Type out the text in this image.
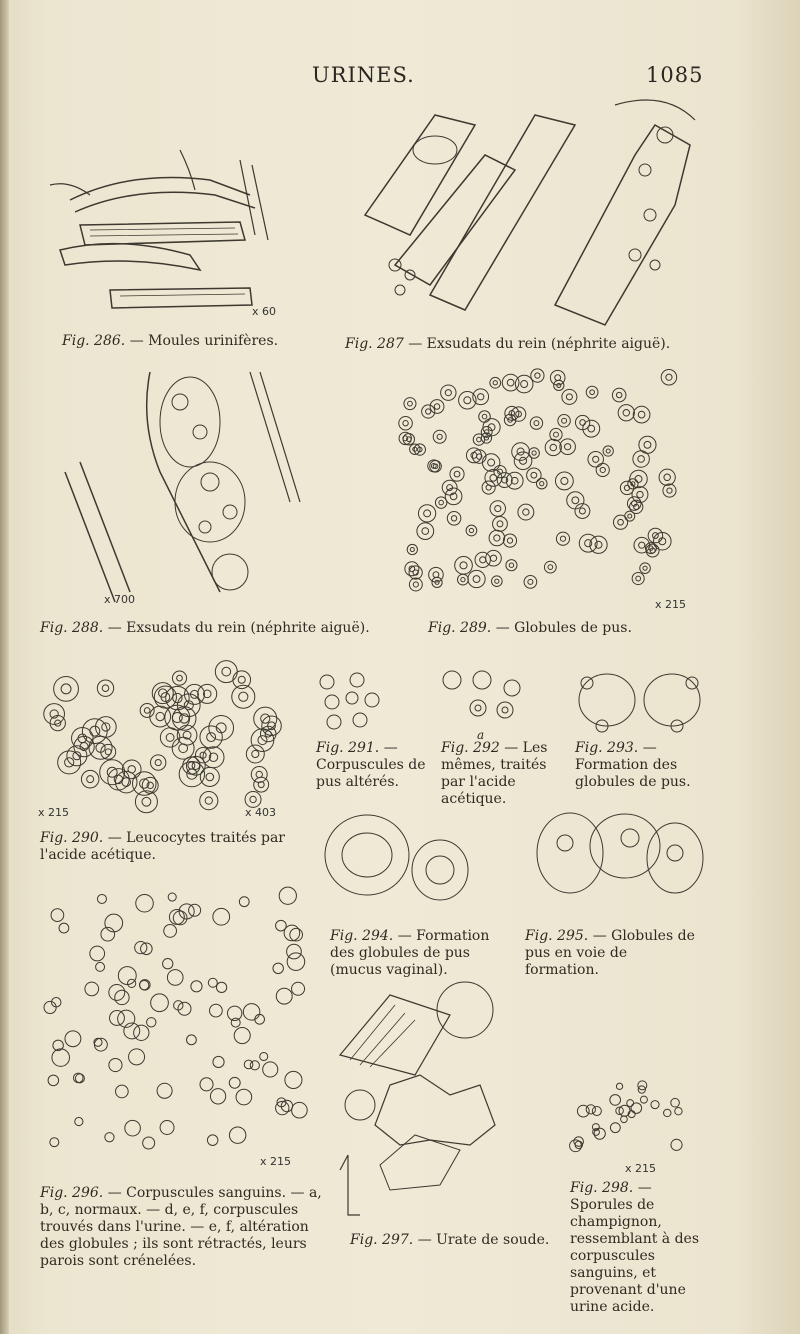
URINES.	1085
x 60
Fig. 286. — Moules urinifères.	Fig. 287 — Exsudats du rein (néphrite aiguë).
x 700
Fig. 288. — Exsudats du rein (néphrite aiguë).
x 215
Fig. 289. — Globules de pus.
x 215	x 403
Fig. 290. — Leucocytes traités par l'acide acétique.
Fig. 291. — Corpuscules de pus altérés.
a
Fig. 292 — Les mêmes, traités par l'acide acétique.
Fig. 293. — Formation des globules de pus.
Fig. 294. — Formation des globules de pus (mucus vaginal).
Fig. 295. — Globules de pus en voie de formation.
x 215
Fig. 296. — Corpuscules sanguins. — a, b, c, normaux. — d, e, f, corpuscules trouvés dans l'urine. — e, f, altération des globules ; ils sont rétractés, leurs parois sont crénelées.
Fig. 297. — Urate de soude.
x 215
Fig. 298. — Sporules de champignon, ressemblant à des corpuscules sanguins, et provenant d'une urine acide.
